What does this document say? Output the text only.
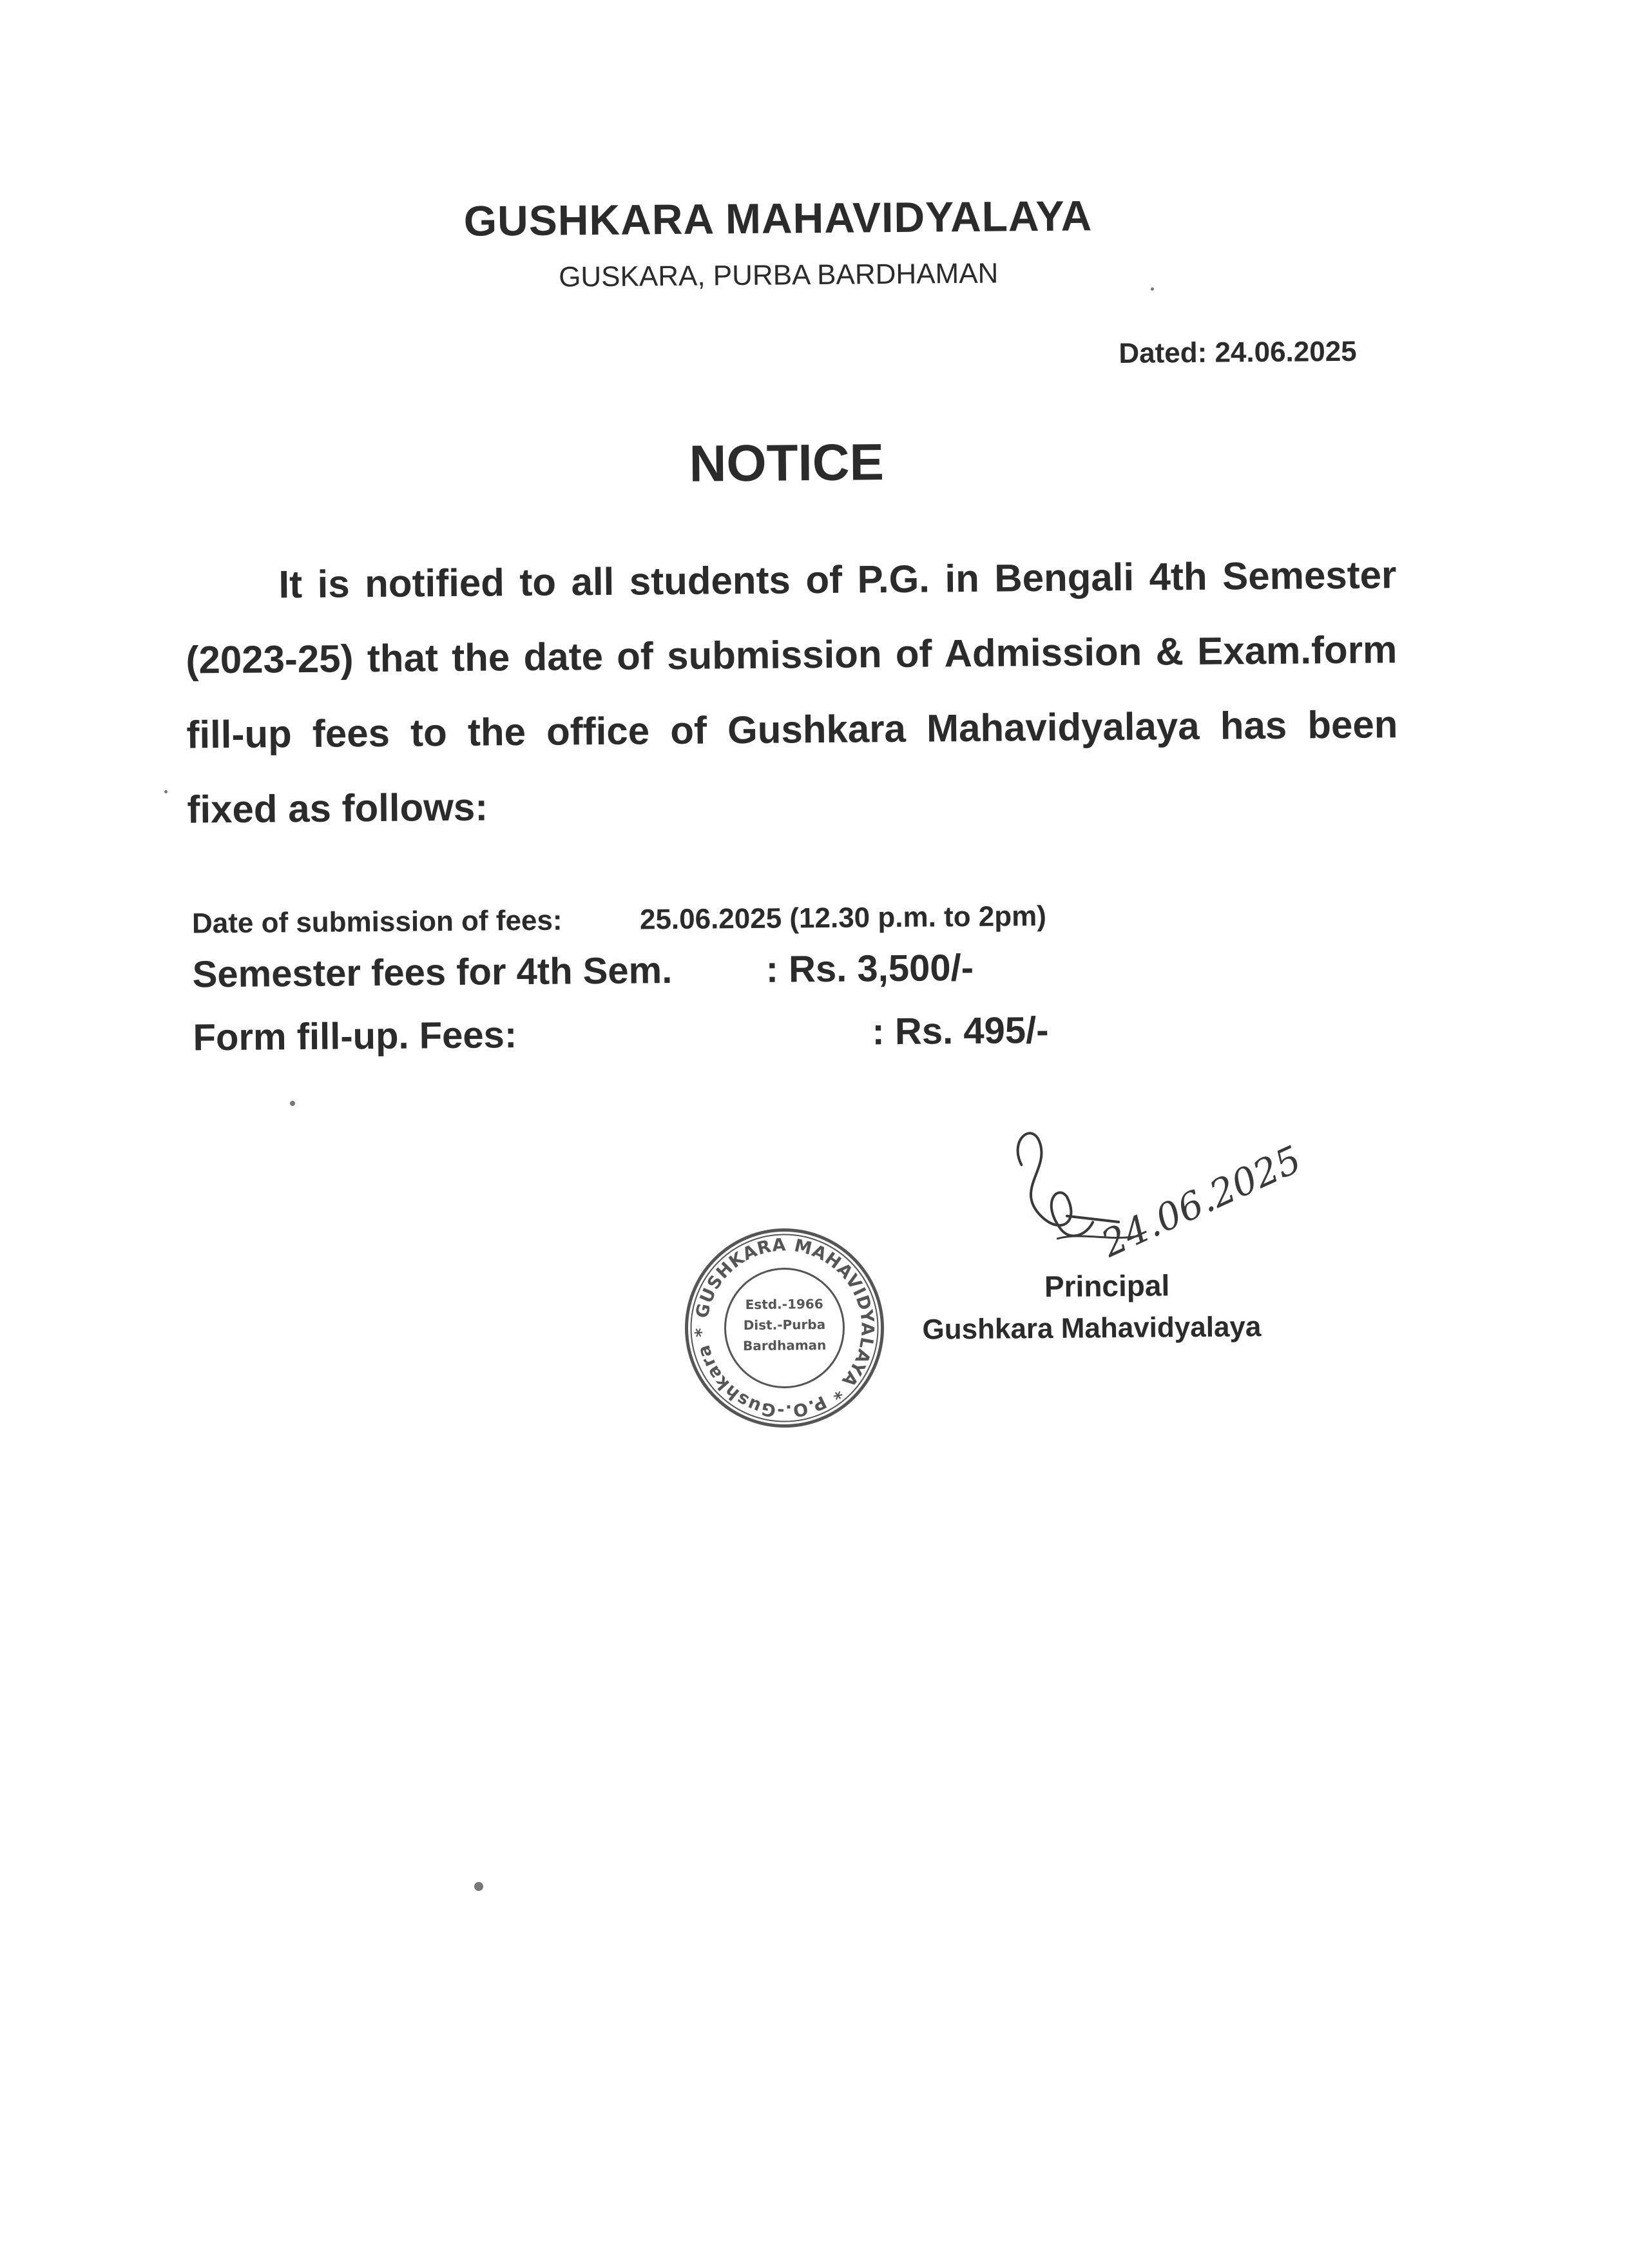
GUSHKARA MAHAVIDYALAYA
GUSKARA, PURBA BARDHAMAN
Dated: 24.06.2025
NOTICE
It is notified to all students of P.G. in Bengali 4th Semester (2023-25) that the date of submission of Admission & Exam.form fill-up fees to the office of Gushkara Mahavidyalaya has been fixed as follows:
Date of submission of fees:	25.06.2025 (12.30 p.m. to 2pm)
Semester fees for 4th Sem. : Rs. 3,500/-
Form fill-up. Fees:	: Rs. 495/-
24.06.2025
Principal
Gushkara Mahavidyalaya
GUSHKARA MAHAVIDYALAYA * P.O.-Gushkara *
Estd.-1966
Dist.-Purba
Bardhaman
